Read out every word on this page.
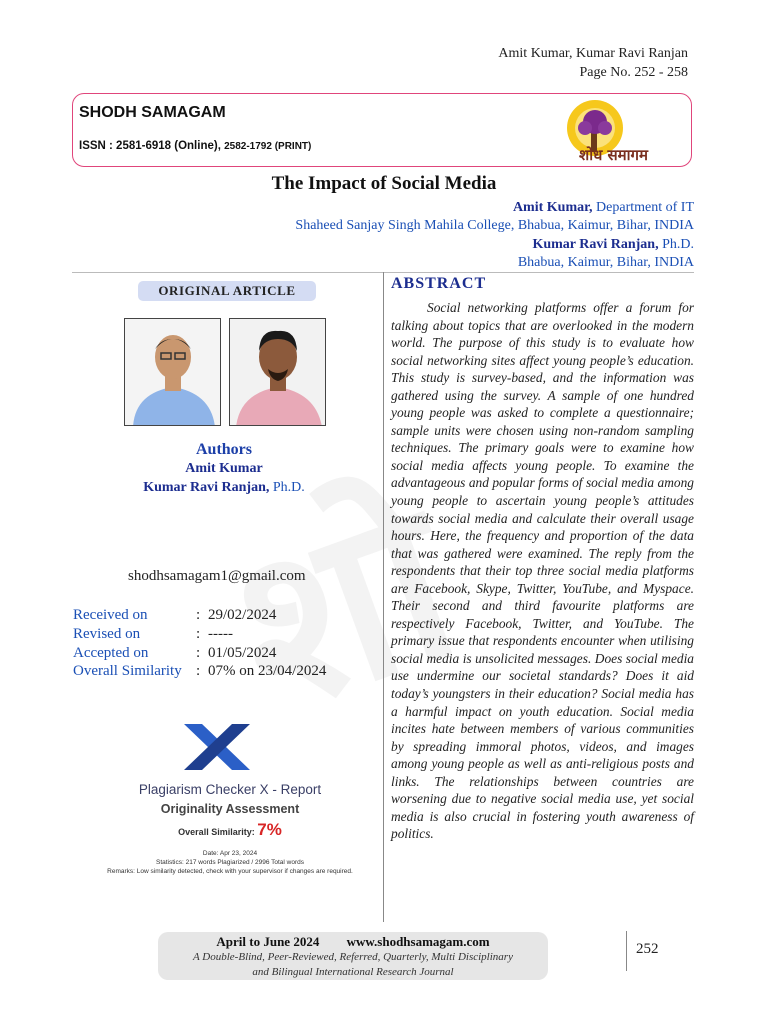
Amit Kumar, Kumar Ravi Ranjan
Page No. 252 - 258
SHODH SAMAGAM
ISSN : 2581-6918 (Online), 2582-1792 (PRINT)	शोध समागम
The Impact of Social Media
Amit Kumar, Department of IT
Shaheed Sanjay Singh Mahila College, Bhabua, Kaimur, Bihar, INDIA
Kumar Ravi Ranjan, Ph.D.
Bhabua, Kaimur, Bihar, INDIA
ORIGINAL ARTICLE
Authors
Amit Kumar
Kumar Ravi Ranjan, Ph.D.
shodhsamagam1@gmail.com
Received on	: 29/02/2024
Revised on	: -----
Accepted on	: 01/05/2024
Overall Similarity : 07% on 23/04/2024
Plagiarism Checker X - Report
Originality Assessment
Overall Similarity: 7%
Date: Apr 23, 2024
Statistics: 217 words Plagiarized / 2996 Total words
Remarks: Low similarity detected, check with your supervisor if changes are required.
ABSTRACT

Social networking platforms offer a forum for talking about topics that are overlooked in the modern world. The purpose of this study is to evaluate how social networking sites affect young people’s education. This study is survey-based, and the information was gathered using the survey. A sample of one hundred young people was asked to complete a questionnaire; sample units were chosen using non-random sampling techniques. The primary goals were to examine how social media affects young people. To examine the advantageous and popular forms of social media among young people to ascertain young people’s attitudes towards social media and calculate their overall usage hours. Here, the frequency and proportion of the data that was gathered were examined. The reply from the respondents that their top three social media platforms are Facebook, Skype, Twitter, YouTube, and Myspace. Their second and third favourite platforms are respectively Facebook, Twitter, and YouTube. The primary issue that respondents encounter when utilising social media is unsolicited messages. Does social media use undermine our societal standards? Does it aid today’s youngsters in their education? Social media has a harmful impact on youth education. Social media incites hate between members of various communities by spreading immoral photos, videos, and images among young people as well as anti-religious posts and links. The relationships between countries are worsening due to negative social media use, yet social media is also crucial in fostering youth awareness of politics.

April to June 2024 www.shodhsamagam.com
A Double-Blind, Peer-Reviewed, Referred, Quarterly, Multi Disciplinary
and Bilingual International Research Journal
252
